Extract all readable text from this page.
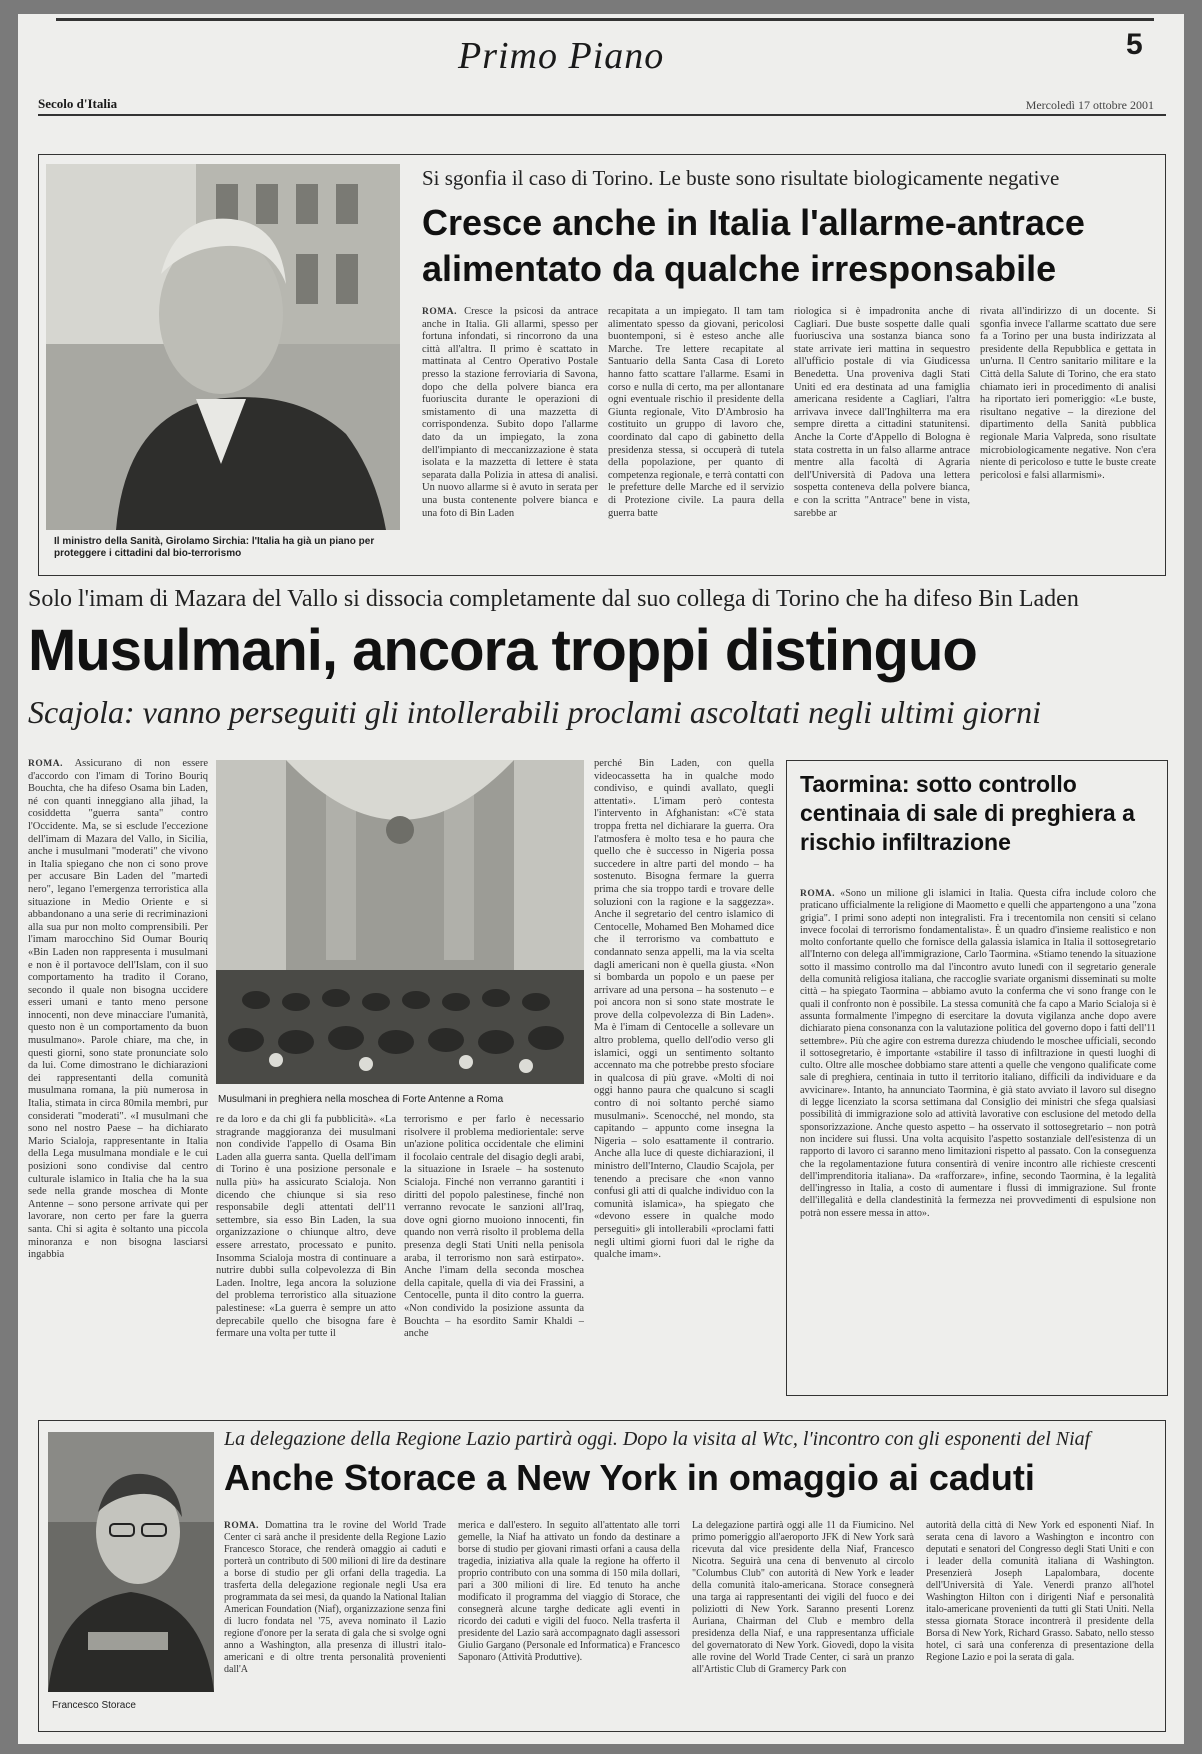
Primo Piano	5
Secolo d'Italia	Mercoledì 17 ottobre 2001
Il ministro della Sanità, Girolamo Sirchia: l'Italia ha già un piano per proteggere i cittadini dal bio-terrorismo
Si sgonfia il caso di Torino. Le buste sono risultate biologicamente negative
Cresce anche in Italia l'allarme-antrace alimentato da qualche irresponsabile
ROMA. Cresce la psicosi da antrace anche in Italia. Gli allarmi, spesso per fortuna infondati, si rincorrono da una città all'altra. Il primo è scattato in mattinata al Centro Operativo Postale presso la stazione ferroviaria di Savona, dopo che della polvere bianca era fuoriuscita durante le operazioni di smistamento di una mazzetta di corrispondenza. Subito dopo l'allarme dato da un impiegato, la zona dell'impianto di meccanizzazione è stata isolata e la mazzetta di lettere è stata separata dalla Polizia in attesa di analisi. Un nuovo allarme si è avuto in serata per una busta contenente polvere bianca e una foto di Bin Laden
recapitata a un impiegato. Il tam tam alimentato spesso da giovani, pericolosi buontemponi, si è esteso anche alle Marche. Tre lettere recapitate al Santuario della Santa Casa di Loreto hanno fatto scattare l'allarme. Esami in corso e nulla di certo, ma per allontanare ogni eventuale rischio il presidente della Giunta regionale, Vito D'Ambrosio ha costituito un gruppo di lavoro che, coordinato dal capo di gabinetto della presidenza stessa, si occuperà di tutela della popolazione, per quanto di competenza regionale, e terrà contatti con le prefetture delle Marche ed il servizio di Protezione civile. La paura della guerra batte
riologica si è impadronita anche di Cagliari. Due buste sospette dalle quali fuoriusciva una sostanza bianca sono state arrivate ieri mattina in sequestro all'ufficio postale di via Giudicessa Benedetta. Una proveniva dagli Stati Uniti ed era destinata ad una famiglia americana residente a Cagliari, l'altra arrivava invece dall'Inghilterra ma era sempre diretta a cittadini statunitensi. Anche la Corte d'Appello di Bologna è stata costretta in un falso allarme antrace mentre alla facoltà di Agraria dell'Università di Padova una lettera sospetta conteneva della polvere bianca, e con la scritta "Antrace" bene in vista, sarebbe ar
rivata all'indirizzo di un docente. Si sgonfia invece l'allarme scattato due sere fa a Torino per una busta indirizzata al presidente della Repubblica e gettata in un'urna. Il Centro sanitario militare e la Città della Salute di Torino, che era stato chiamato ieri in procedimento di analisi ha riportato ieri pomeriggio: «Le buste, risultano negative – la direzione del dipartimento della Sanità pubblica regionale Maria Valpreda, sono risultate microbiologicamente negative. Non c'era niente di pericoloso e tutte le buste create pericolosi e falsi allarmismi».
Solo l'imam di Mazara del Vallo si dissocia completamente dal suo collega di Torino che ha difeso Bin Laden
Musulmani, ancora troppi distinguo
Scajola: vanno perseguiti gli intollerabili proclami ascoltati negli ultimi giorni
ROMA. Assicurano di non essere d'accordo con l'imam di Torino Bouriq Bouchta, che ha difeso Osama bin Laden, né con quanti inneggiano alla jihad, la cosiddetta "guerra santa" contro l'Occidente. Ma, se si esclude l'eccezione dell'imam di Mazara del Vallo, in Sicilia, anche i musulmani "moderati" che vivono in Italia spiegano che non ci sono prove per accusare Bin Laden del "martedì nero", legano l'emergenza terroristica alla situazione in Medio Oriente e si abbandonano a una serie di recriminazioni alla sua pur non molto comprensibili. Per l'imam marocchino Sid Oumar Bouriq «Bin Laden non rappresenta i musulmani e non è il portavoce dell'Islam, con il suo comportamento ha tradito il Corano, secondo il quale non bisogna uccidere esseri umani e tanto meno persone innocenti, non deve minacciare l'umanità, questo non è un comportamento da buon musulmano». Parole chiare, ma che, in questi giorni, sono state pronunciate solo da lui. Come dimostrano le dichiarazioni dei rappresentanti della comunità musulmana romana, la più numerosa in Italia, stimata in circa 80mila membri, pur considerati "moderati". «I musulmani che sono nel nostro Paese – ha dichiarato Mario Scialoja, rappresentante in Italia della Lega musulmana mondiale e le cui posizioni sono condivise dal centro culturale islamico in Italia che ha la sua sede nella grande moschea di Monte Antenne – sono persone arrivate qui per lavorare, non certo per fare la guerra santa. Chi si agita è soltanto una piccola minoranza e non bisogna lasciarsi ingabbia
Musulmani in preghiera nella moschea di Forte Antenne a Roma
re da loro e da chi gli fa pubblicità». «La stragrande maggioranza dei musulmani non condivide l'appello di Osama Bin Laden alla guerra santa. Quella dell'imam di Torino è una posizione personale e nulla più» ha assicurato Scialoja. Non dicendo che chiunque si sia reso responsabile degli attentati dell'11 settembre, sia esso Bin Laden, la sua organizzazione o chiunque altro, deve essere arrestato, processato e punito. Insomma Scialoja mostra di continuare a nutrire dubbi sulla colpevolezza di Bin Laden. Inoltre, lega ancora la soluzione del problema terroristico alla situazione palestinese: «La guerra è sempre un atto deprecabile quello che bisogna fare è fermare una volta per tutte il
terrorismo e per farlo è necessario risolvere il problema mediorientale: serve un'azione politica occidentale che elimini il focolaio centrale del disagio degli arabi, la situazione in Israele – ha sostenuto Scialoja. Finché non verranno garantiti i diritti del popolo palestinese, finché non verranno revocate le sanzioni all'Iraq, dove ogni giorno muoiono innocenti, fin quando non verrà risolto il problema della presenza degli Stati Uniti nella penisola araba, il terrorismo non sarà estirpato». Anche l'imam della seconda moschea della capitale, quella di via dei Frassini, a Centocelle, punta il dito contro la guerra. «Non condivido la posizione assunta da Bouchta – ha esordito Samir Khaldi – anche
perché Bin Laden, con quella videocassetta ha in qualche modo condiviso, e quindi avallato, quegli attentati». L'imam però contesta l'intervento in Afghanistan: «C'è stata troppa fretta nel dichiarare la guerra. Ora l'atmosfera è molto tesa e ho paura che quello che è successo in Nigeria possa succedere in altre parti del mondo – ha sostenuto. Bisogna fermare la guerra prima che sia troppo tardi e trovare delle soluzioni con la ragione e la saggezza». Anche il segretario del centro islamico di Centocelle, Mohamed Ben Mohamed dice che il terrorismo va combattuto e condannato senza appelli, ma la via scelta dagli americani non è quella giusta. «Non si bombarda un popolo e un paese per arrivare ad una persona – ha sostenuto – e poi ancora non si sono state mostrate le prove della colpevolezza di Bin Laden». Ma è l'imam di Centocelle a sollevare un altro problema, quello dell'odio verso gli islamici, oggi un sentimento soltanto accennato ma che potrebbe presto sfociare in qualcosa di più grave. «Molti di noi oggi hanno paura che qualcuno si scagli contro di noi soltanto perché siamo musulmani». Scenocché, nel mondo, sta capitando – appunto come insegna la Nigeria – solo esattamente il contrario. Anche alla luce di queste dichiarazioni, il ministro dell'Interno, Claudio Scajola, per tenendo a precisare che «non vanno confusi gli atti di qualche individuo con la comunità islamica», ha spiegato che «devono essere in qualche modo perseguiti» gli intollerabili «proclami fatti negli ultimi giorni fuori dal le righe da qualche imam».
Taormina: sotto controllo centinaia di sale di preghiera a rischio infiltrazione
ROMA. «Sono un milione gli islamici in Italia. Questa cifra include coloro che praticano ufficialmente la religione di Maometto e quelli che appartengono a una "zona grigia". I primi sono adepti non integralisti. Fra i trecentomila non censiti si celano invece focolai di terrorismo fondamentalista». È un quadro d'insieme realistico e non molto confortante quello che fornisce della galassia islamica in Italia il sottosegretario all'Interno con delega all'immigrazione, Carlo Taormina. «Stiamo tenendo la situazione sotto il massimo controllo ma dal l'incontro avuto lunedì con il segretario generale della comunità religiosa italiana, che raccoglie svariate organismi disseminati su molte città – ha spiegato Taormina – abbiamo avuto la conferma che vi sono frange con le quali il confronto non è possibile. La stessa comunità che fa capo a Mario Scialoja si è assunta formalmente l'impegno di esercitare la dovuta vigilanza anche dopo avere dichiarato piena consonanza con la valutazione politica del governo dopo i fatti dell'11 settembre». Più che agire con estrema durezza chiudendo le moschee ufficiali, secondo il sottosegretario, è importante «stabilire il tasso di infiltrazione in questi luoghi di culto. Oltre alle moschee dobbiamo stare attenti a quelle che vengono qualificate come sale di preghiera, centinaia in tutto il territorio italiano, difficili da individuare e da avvicinare». Intanto, ha annunciato Taormina, è già stato avviato il lavoro sul disegno di legge licenziato la scorsa settimana dal Consiglio dei ministri che sfega qualsiasi possibilità di immigrazione solo ad attività lavorative con esclusione del metodo della sponsorizzazione. Anche questo aspetto – ha osservato il sottosegretario – non potrà non incidere sui flussi. Una volta acquisito l'aspetto sostanziale dell'esistenza di un rapporto di lavoro ci saranno meno limitazioni rispetto al passato. Con la conseguenza che la regolamentazione futura consentirà di venire incontro alle richieste crescenti dell'imprenditoria italiana». Da «rafforzare», infine, secondo Taormina, è la legalità dell'ingresso in Italia, a costo di aumentare i flussi di immigrazione. Sul fronte dell'illegalità e della clandestinità la fermezza nei provvedimenti di espulsione non potrà non essere messa in atto».
Francesco Storace
La delegazione della Regione Lazio partirà oggi. Dopo la visita al Wtc, l'incontro con gli esponenti del Niaf
Anche Storace a New York in omaggio ai caduti
ROMA. Domattina tra le rovine del World Trade Center ci sarà anche il presidente della Regione Lazio Francesco Storace, che renderà omaggio ai caduti e porterà un contributo di 500 milioni di lire da destinare a borse di studio per gli orfani della tragedia. La trasferta della delegazione regionale negli Usa era programmata da sei mesi, da quando la National Italian American Foundation (Niaf), organizzazione senza fini di lucro fondata nel '75, aveva nominato il Lazio regione d'onore per la serata di gala che si svolge ogni anno a Washington, alla presenza di illustri italo-americani e di oltre trenta personalità provenienti dall'A
merica e dall'estero. In seguito all'attentato alle torri gemelle, la Niaf ha attivato un fondo da destinare a borse di studio per giovani rimasti orfani a causa della tragedia, iniziativa alla quale la regione ha offerto il proprio contributo con una somma di 150 mila dollari, pari a 300 milioni di lire. Ed tenuto ha anche modificato il programma del viaggio di Storace, che consegnerà alcune targhe dedicate agli eventi in ricordo dei caduti e vigili del fuoco. Nella trasferta il presidente del Lazio sarà accompagnato dagli assessori Giulio Gargano (Personale ed Informatica) e Francesco Saponaro (Attività Produttive).
La delegazione partirà oggi alle 11 da Fiumicino. Nel primo pomeriggio all'aeroporto JFK di New York sarà ricevuta dal vice presidente della Niaf, Francesco Nicotra. Seguirà una cena di benvenuto al circolo "Columbus Club" con autorità di New York e leader della comunità italo-americana. Storace consegnerà una targa ai rappresentanti dei vigili del fuoco e dei poliziotti di New York. Saranno presenti Lorenz Auriana, Chairman del Club e membro della presidenza della Niaf, e una rappresentanza ufficiale del governatorato di New York. Giovedì, dopo la visita alle rovine del World Trade Center, ci sarà un pranzo all'Artistic Club di Gramercy Park con
autorità della città di New York ed esponenti Niaf. In serata cena di lavoro a Washington e incontro con deputati e senatori del Congresso degli Stati Uniti e con i leader della comunità italiana di Washington. Presenzierà Joseph Lapalombara, docente dell'Università di Yale. Venerdì pranzo all'hotel Washington Hilton con i dirigenti Niaf e personalità italo-americane provenienti da tutti gli Stati Uniti. Nella stessa giornata Storace incontrerà il presidente della Borsa di New York, Richard Grasso. Sabato, nello stesso hotel, ci sarà una conferenza di presentazione della Regione Lazio e poi la serata di gala.
